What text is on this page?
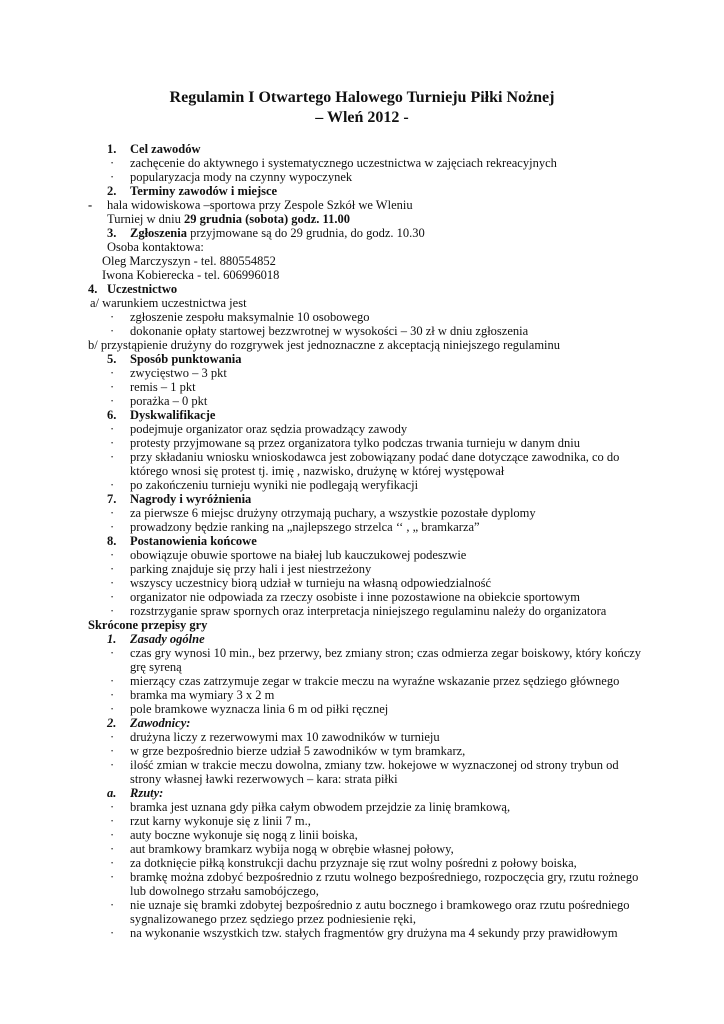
Regulamin I Otwartego Halowego Turnieju Piłki Nożnej
– Wleń 2012 -
1. Cel zawodów
· zachęcenie do aktywnego i systematycznego uczestnictwa w zajęciach rekreacyjnych
· popularyzacja mody na czynny wypoczynek
2. Terminy zawodów i miejsce
- hala widowiskowa –sportowa przy Zespole Szkół we Wleniu
Turniej w dniu 29 grudnia (sobota) godz. 11.00
3. Zgłoszenia przyjmowane są do 29 grudnia, do godz. 10.30
Osoba kontaktowa:
Oleg Marczyszyn - tel. 880554852
Iwona Kobierecka - tel. 606996018
4. Uczestnictwo
a/ warunkiem uczestnictwa jest
· zgłoszenie zespołu maksymalnie 10 osobowego
· dokonanie opłaty startowej bezzwrotnej w wysokości – 30 zł w dniu zgłoszenia
b/ przystąpienie drużyny do rozgrywek jest jednoznaczne z akceptacją niniejszego regulaminu
5. Sposób punktowania
· zwycięstwo – 3 pkt
· remis – 1 pkt
· porażka – 0 pkt
6. Dyskwalifikacje
· podejmuje organizator oraz sędzia prowadzący zawody
· protesty przyjmowane są przez organizatora tylko podczas trwania turnieju w danym dniu
· przy składaniu wniosku wnioskodawca jest zobowiązany podać dane dotyczące zawodnika, co do
którego wnosi się protest tj. imię , nazwisko, drużynę w której występował
· po zakończeniu turnieju wyniki nie podlegają weryfikacji
7. Nagrody i wyróżnienia
· za pierwsze 6 miejsc drużyny otrzymają puchary, a wszystkie pozostałe dyplomy
· prowadzony będzie ranking na „najlepszego strzelca ‘‘ , „ bramkarza”
8. Postanowienia końcowe
· obowiązuje obuwie sportowe na białej lub kauczukowej podeszwie
· parking znajduje się przy hali i jest niestrzeżony
· wszyscy uczestnicy biorą udział w turnieju na własną odpowiedzialność
· organizator nie odpowiada za rzeczy osobiste i inne pozostawione na obiekcie sportowym
· rozstrzyganie spraw spornych oraz interpretacja niniejszego regulaminu należy do organizatora
Skrócone przepisy gry
1. Zasady ogólne
· czas gry wynosi 10 min., bez przerwy, bez zmiany stron; czas odmierza zegar boiskowy, który kończy
grę syreną
· mierzący czas zatrzymuje zegar w trakcie meczu na wyraźne wskazanie przez sędziego głównego
· bramka ma wymiary 3 x 2 m
· pole bramkowe wyznacza linia 6 m od piłki ręcznej
2. Zawodnicy:
· drużyna liczy z rezerwowymi max 10 zawodników w turnieju
· w grze bezpośrednio bierze udział 5 zawodników w tym bramkarz,
· ilość zmian w trakcie meczu dowolna, zmiany tzw. hokejowe w wyznaczonej od strony trybun od
strony własnej ławki rezerwowych – kara: strata piłki
a. Rzuty:
· bramka jest uznana gdy piłka całym obwodem przejdzie za linię bramkową,
· rzut karny wykonuje się z linii 7 m.,
· auty boczne wykonuje się nogą z linii boiska,
· aut bramkowy bramkarz wybija nogą w obrębie własnej połowy,
· za dotknięcie piłką konstrukcji dachu przyznaje się rzut wolny pośredni z połowy boiska,
· bramkę można zdobyć bezpośrednio z rzutu wolnego bezpośredniego, rozpoczęcia gry, rzutu rożnego
lub dowolnego strzału samobójczego,
· nie uznaje się bramki zdobytej bezpośrednio z autu bocznego i bramkowego oraz rzutu pośredniego
sygnalizowanego przez sędziego przez podniesienie ręki,
· na wykonanie wszystkich tzw. stałych fragmentów gry drużyna ma 4 sekundy przy prawidłowym
